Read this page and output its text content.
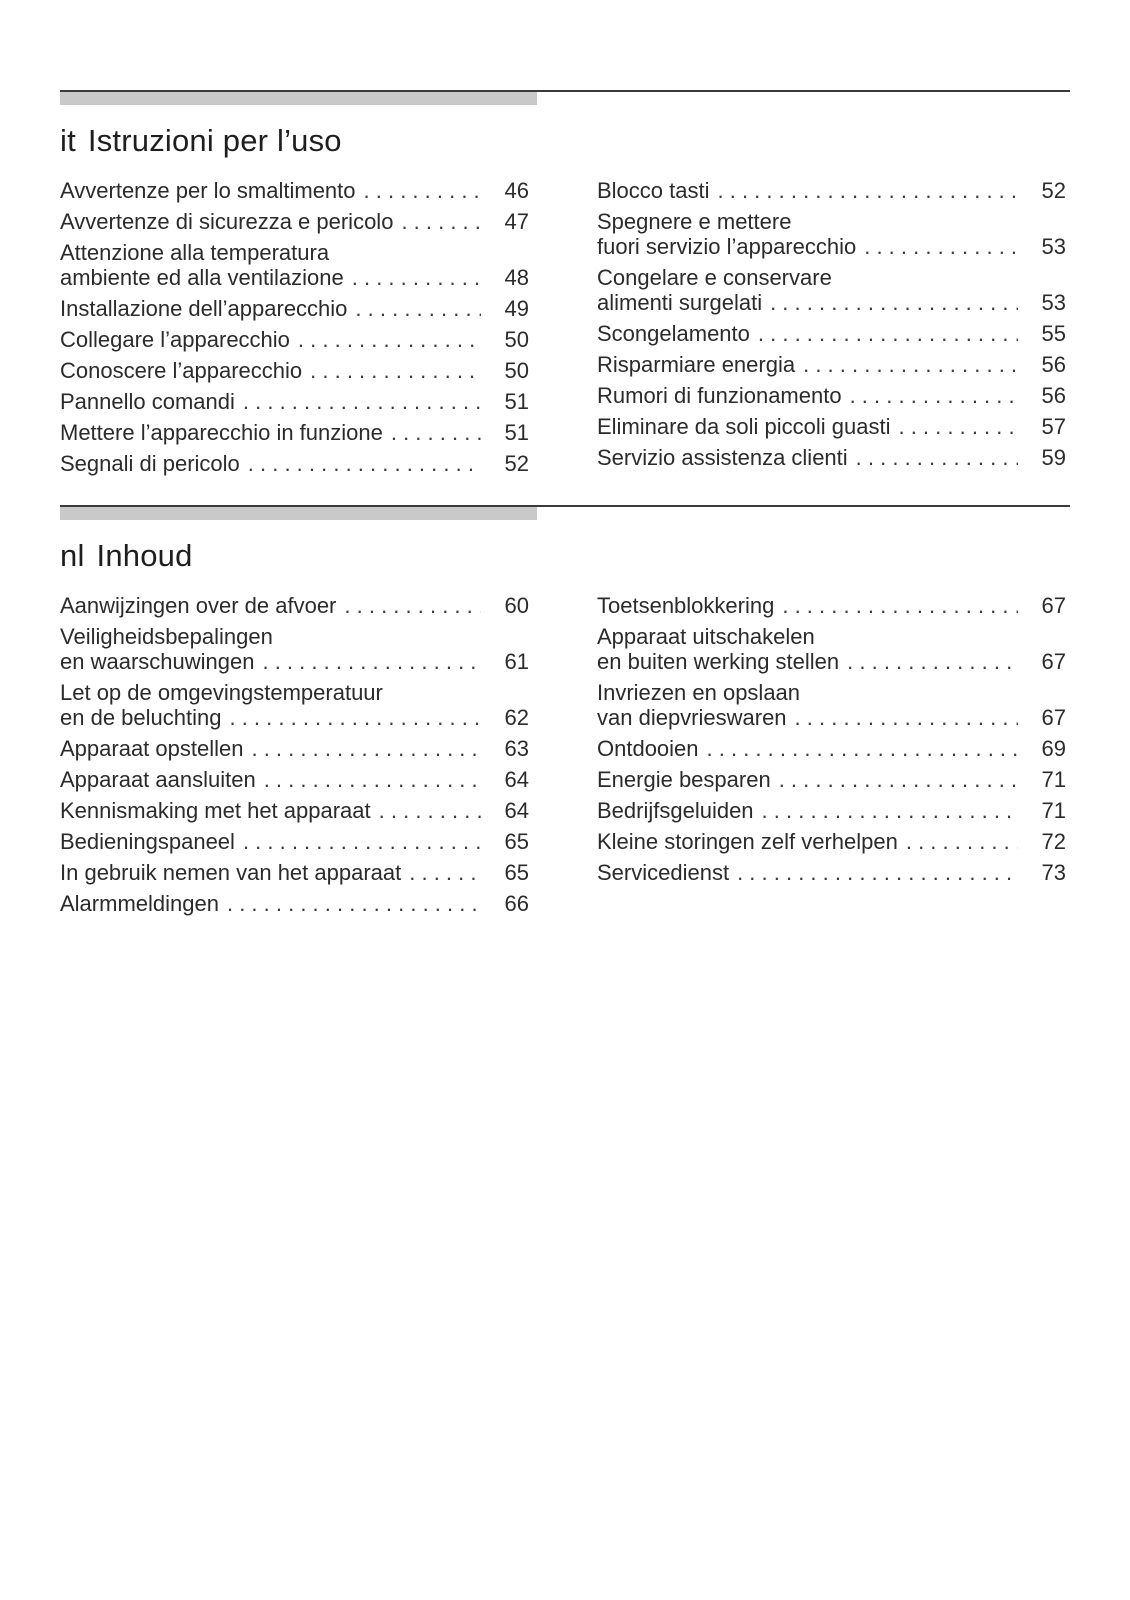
it Istruzioni per l’uso
Avvertenze per lo smaltimento . . .	46
Avvertenze di sicurezza e pericolo . . .	47
Attenzione alla temperatura
ambiente ed alla ventilazione . . .	48
Installazione dell’apparecchio . . .	49
Collegare l’apparecchio . . .	50
Conoscere l’apparecchio . . .	50
Pannello comandi . . .	51
Mettere l’apparecchio in funzione . . .	51
Segnali di pericolo . . .	52
Blocco tasti . . .	52
Spegnere e mettere
fuori servizio l’apparecchio . . .	53
Congelare e conservare
alimenti surgelati . . .	53
Scongelamento . . .	55
Risparmiare energia . . .	56
Rumori di funzionamento . . .	56
Eliminare da soli piccoli guasti . . .	57
Servizio assistenza clienti . . .	59
nl Inhoud
Aanwijzingen over de afvoer . . .	60
Veiligheidsbepalingen
en waarschuwingen . . .	61
Let op de omgevingstemperatuur
en de beluchting . . .	62
Apparaat opstellen . . .	63
Apparaat aansluiten . . .	64
Kennismaking met het apparaat . . .	64
Bedieningspaneel . . .	65
In gebruik nemen van het apparaat . . .	65
Alarmmeldingen . . .	66
Toetsenblokkering . . .	67
Apparaat uitschakelen
en buiten werking stellen . . .	67
Invriezen en opslaan
van diepvrieswaren . . .	67
Ontdooien . . .	69
Energie besparen . . .	71
Bedrijfsgeluiden . . .	71
Kleine storingen zelf verhelpen . . .	72
Servicedienst . . .	73
